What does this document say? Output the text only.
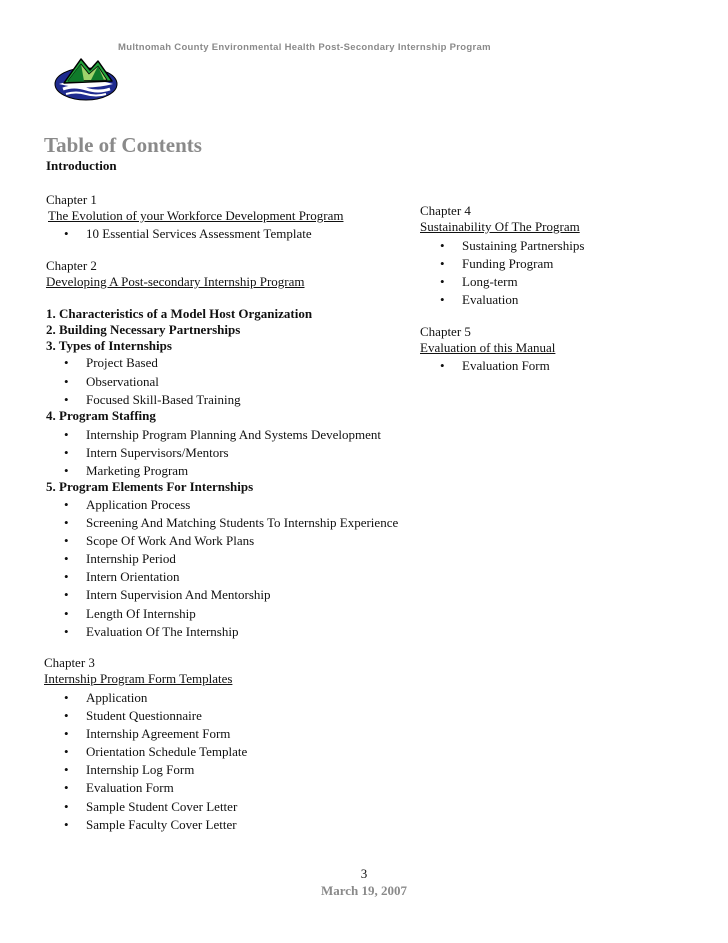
Multnomah County Environmental Health Post-Secondary Internship Program
Table of Contents
Introduction
Chapter 1
The Evolution of your Workforce Development Program
• 10 Essential Services Assessment Template
Chapter 2
Developing A Post-secondary Internship Program
1. Characteristics of a Model Host Organization
2. Building Necessary Partnerships
3. Types of Internships
• Project Based
• Observational
• Focused Skill-Based Training
4. Program Staffing
• Internship Program Planning And Systems Development
• Intern Supervisors/Mentors
• Marketing Program
5. Program Elements For Internships
• Application Process
• Screening And Matching Students To Internship Experience
• Scope Of Work And Work Plans
• Internship Period
• Intern Orientation
• Intern Supervision And Mentorship
• Length Of Internship
• Evaluation Of The Internship
Chapter 3
Internship Program Form Templates
• Application
• Student Questionnaire
• Internship Agreement Form
• Orientation Schedule Template
• Internship Log Form
• Evaluation Form
• Sample Student Cover Letter
• Sample Faculty Cover Letter
Chapter 4
Sustainability Of The Program
• Sustaining Partnerships
• Funding Program
• Long-term
• Evaluation
Chapter 5
Evaluation of this Manual
• Evaluation Form
3
March 19, 2007
